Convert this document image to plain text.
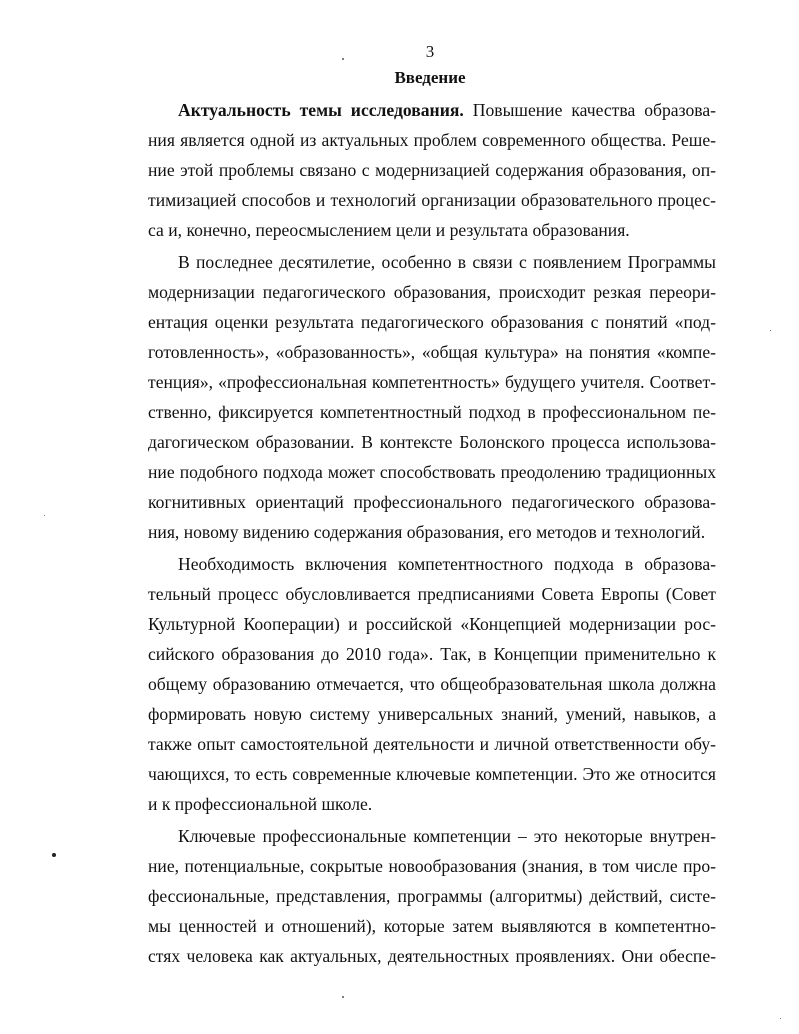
3
Введение
Актуальность темы исследования. Повышение качества образова-
ния является одной из актуальных проблем современного общества. Реше-
ние этой проблемы связано с модернизацией содержания образования, оп-
тимизацией способов и технологий организации образовательного процес-
са и, конечно, переосмыслением цели и результата образования.
В последнее десятилетие, особенно в связи с появлением Программы
модернизации педагогического образования, происходит резкая переори-
ентация оценки результата педагогического образования с понятий «под-
готовленность», «образованность», «общая культура» на понятия «компе-
тенция», «профессиональная компетентность» будущего учителя. Соответ-
ственно, фиксируется компетентностный подход в профессиональном пе-
дагогическом образовании. В контексте Болонского процесса использова-
ние подобного подхода может способствовать преодолению традиционных
когнитивных ориентаций профессионального педагогического образова-
ния, новому видению содержания образования, его методов и технологий.
Необходимость включения компетентностного подхода в образова-
тельный процесс обусловливается предписаниями Совета Европы (Совет
Культурной Кооперации) и российской «Концепцией модернизации рос-
сийского образования до 2010 года». Так, в Концепции применительно к
общему образованию отмечается, что общеобразовательная школа должна
формировать новую систему универсальных знаний, умений, навыков, а
также опыт самостоятельной деятельности и личной ответственности обу-
чающихся, то есть современные ключевые компетенции. Это же относится
и к профессиональной школе.
Ключевые профессиональные компетенции – это некоторые внутрен-
ние, потенциальные, сокрытые новообразования (знания, в том числе про-
фессиональные, представления, программы (алгоритмы) действий, систе-
мы ценностей и отношений), которые затем выявляются в компетентно-
стях человека как актуальных, деятельностных проявлениях. Они обеспе-
